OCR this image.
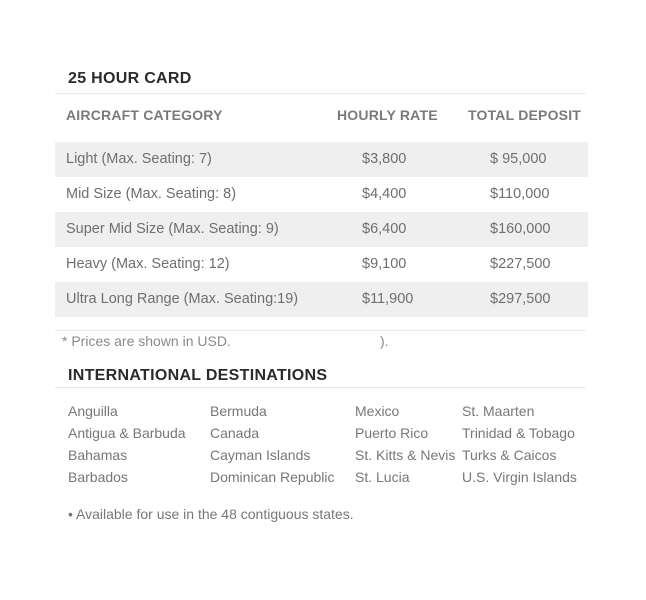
25 HOUR CARD
AIRCRAFT CATEGORY	HOURLY RATE TOTAL DEPOSIT
Light (Max. Seating: 7)	$3,800	$ 95,000
Mid Size (Max. Seating: 8)	$4,400	$110,000
Super Mid Size (Max. Seating: 9)	$6,400	$160,000
Heavy (Max. Seating: 12)	$9,100	$227,500
Ultra Long Range (Max. Seating:19)	$11,900	$297,500
* Prices are shown in USD.	).
INTERNATIONAL DESTINATIONS
Anguilla
Antigua & Barbuda
Bahamas
Barbados
Bermuda
Canada
Cayman Islands
Dominican Republic
Mexico
Puerto Rico
St. Kitts & Nevis
St. Lucia
St. Maarten
Trinidad & Tobago
Turks & Caicos
U.S. Virgin Islands
• Available for use in the 48 contiguous states.
